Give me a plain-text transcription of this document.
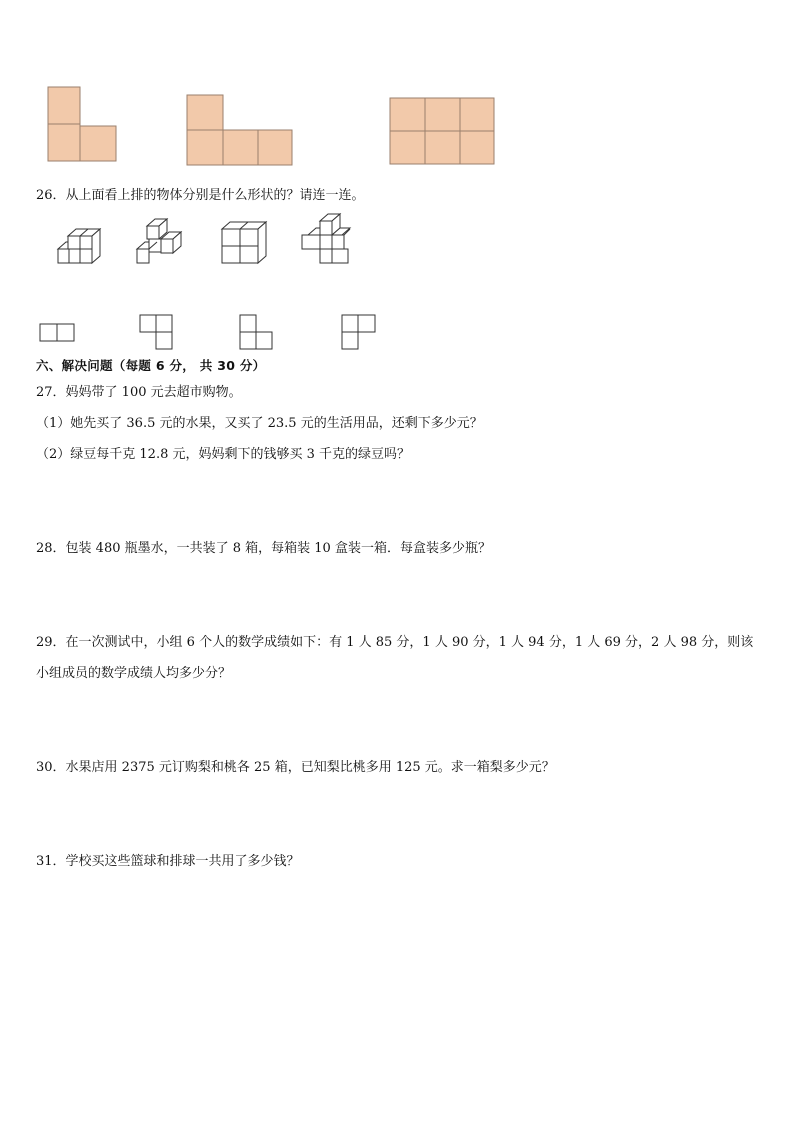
26．从上面看上排的物体分别是什么形状的？请连一连。
六、解决问题（每题 6 分， 共 30 分）
27．妈妈带了 100 元去超市购物。
（1）她先买了 36.5 元的水果，又买了 23.5 元的生活用品，还剩下多少元？
（2）绿豆每千克 12.8 元，妈妈剩下的钱够买 3 千克的绿豆吗？
28．包装 480 瓶墨水，一共装了 8 箱，每箱装 10 盒装一箱．每盒装多少瓶？
29．在一次测试中，小组 6 个人的数学成绩如下：有 1 人 85 分，1 人 90 分，1 人 94 分，1 人 69 分，2 人 98 分，则该
小组成员的数学成绩人均多少分？
30．水果店用 2375 元订购梨和桃各 25 箱，已知梨比桃多用 125 元。求一箱梨多少元？
31．学校买这些篮球和排球一共用了多少钱？
